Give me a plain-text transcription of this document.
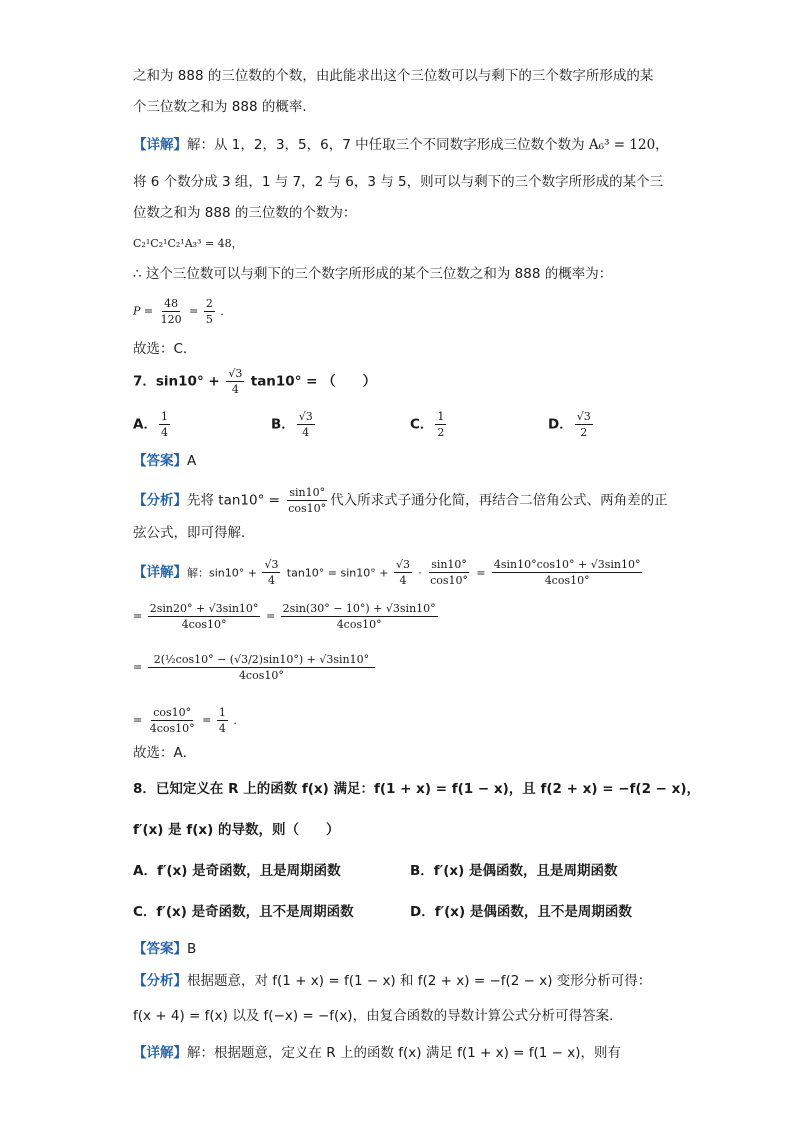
之和为 888 的三位数的个数，由此能求出这个三位数可以与剩下的三个数字所形成的某
个三位数之和为 888 的概率．
【详解】解：从 1，2，3，5，6，7 中任取三个不同数字形成三位数个数为 A₆³ = 120，
将 6 个数分成 3 组，1 与 7，2 与 6，3 与 5，则可以与剩下的三个数字所形成的某个三
位数之和为 888 的三位数的个数为：
C₂¹C₂¹C₂¹A₃³ = 48，
∴ 这个三位数可以与剩下的三个数字所形成的某个三位数之和为 888 的概率为：
$P = \frac{48}{120} = \frac{2}{5}$ ．
故选：C．
7．$\sin 10^\circ + \frac{√3}{4} \tan 10^\circ$ = （　　）
A． $\frac{1}{4}$	B． $\frac{√3}{4}$	C． $\frac{1}{2}$	D． $\frac{√3}{2}$
【答案】A
【分析】先将 $\tan 10^\circ = \frac{\sin 10^\circ}{\cos 10^\circ}$ 代入所求式子通分化简，再结合二倍角公式、两角差的正
弦公式，即可得解．
【详解】解：$\sin 10^\circ + \frac{√3}{4} \tan 10^\circ = \sin 10^\circ + \frac{√3}{4} \cdot \frac{\sin 10^\circ}{\cos 10^\circ} = \frac{4\sin 10^\circ\cos 10^\circ + √3\sin 10^\circ}{4\cos 10^\circ}$
= $\frac{2\sin 20^\circ + √3\sin 10^\circ}{4\cos 10^\circ} = \frac{2\sin(30^\circ - 10^\circ) + √3\sin 10^\circ}{4\cos 10^\circ}$
= $\frac{\text{2(½cos10° − (√3/2)sin10°) + √3sin10°}}{4\cos 10^\circ}$
= $\frac{\cos 10^\circ}{4\cos 10^\circ} = \frac{1}{4}$ ．
故选：A．
8．已知定义在 R 上的函数 f(x) 满足：f(1 + x) = f(1 − x)，且 f(2 + x) = −f(2 − x)，
f′(x) 是 f(x) 的导数，则（　　）
A．f′(x) 是奇函数，且是周期函数	B．f′(x) 是偶函数，且是周期函数
C．f′(x) 是奇函数，且不是周期函数	D．f′(x) 是偶函数，且不是周期函数
【答案】B
【分析】根据题意，对 f(1 + x) = f(1 − x) 和 f(2 + x) = −f(2 − x) 变形分析可得：
f(x + 4) = f(x) 以及 f(−x) = −f(x)，由复合函数的导数计算公式分析可得答案．
【详解】解：根据题意，定义在 R 上的函数 f(x) 满足 f(1 + x) = f(1 − x)，则有
